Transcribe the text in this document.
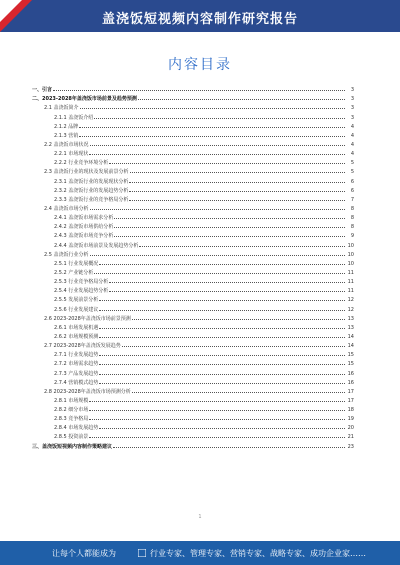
盖浇饭短视频内容制作研究报告
内容目录
一、引言	3
二、2023-2028年盖浇饭市场前景及趋势预测	3
2.1 盖浇饭简介	3
2.1.1 盖浇饭介绍	3
2.1.2 品牌	4
2.1.3 营销	4
2.2 盖浇饭市场状况	4
2.2.1 市场现状	4
2.2.2 行业竞争环境分析	5
2.3 盖浇饭行业的现状及发展前景分析	5
2.3.1 盖浇饭行业的发展现状分析	6
2.3.2 盖浇饭行业的发展趋势分析	6
2.3.3 盖浇饭行业的竞争格局分析	7
2.4 盖浇饭市场分析	8
2.4.1 盖浇饭市场需求分析	8
2.4.2 盖浇饭市场供给分析	8
2.4.3 盖浇饭市场竞争分析	9
2.4.4 盖浇饭市场前景及发展趋势分析	10
2.5 盖浇饭行业分析	10
2.5.1 行业发展概况	10
2.5.2 产业链分析	11
2.5.3 行业竞争格局分析	11
2.5.4 行业发展趋势分析	11
2.5.5 发展前景分析	12
2.5.6 行业发展建议	12
2.6 2023-2028年盖浇饭市场前景预测	13
2.6.1 市场发展机遇	13
2.6.2 市场规模预测	14
2.7 2023-2028年盖浇饭发展趋势	14
2.7.1 行业发展趋势	15
2.7.2 市场需求趋势	15
2.7.3 产品发展趋势	16
2.7.4 营销模式趋势	16
2.8 2023-2028年盖浇饭市场预测分析	17
2.8.1 市场规模	17
2.8.2 细分市场	18
2.8.3 竞争格局	19
2.8.4 市场发展趋势	20
2.8.5 投资前景	21
三、盖浇饭短视频内容制作策略建议	23
1
让每个人都能成为	行业专家、管理专家、营销专家、战略专家、成功企业家……
